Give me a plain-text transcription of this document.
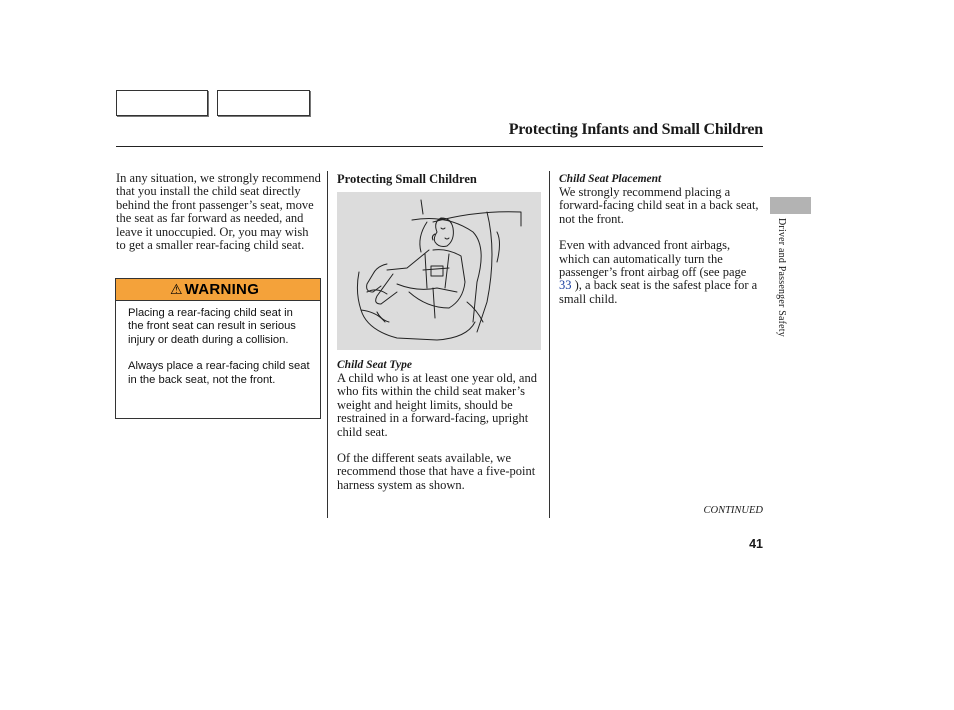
Protecting Infants and Small Children

In any situation, we strongly recommend that you install the child seat directly behind the front passenger’s seat, move the seat as far forward as needed, and leave it unoccupied. Or, you may wish to get a smaller rear-facing child seat.

⚠ WARNING

Placing a rear-facing child seat in the front seat can result in serious injury or death during a collision.

Always place a rear-facing child seat in the back seat, not the front.

Protecting Small Children

Child Seat Type

A child who is at least one year old, and who fits within the child seat maker’s weight and height limits, should be restrained in a forward-facing, upright child seat.

Of the different seats available, we recommend those that have a five-point harness system as shown.

Child Seat Placement

We strongly recommend placing a forward-facing child seat in a back seat, not the front.

Even with advanced front airbags, which can automatically turn the passenger’s front airbag off (see page 33 ), a back seat is the safest place for a small child.

CONTINUED
41
Driver and Passenger Safety
